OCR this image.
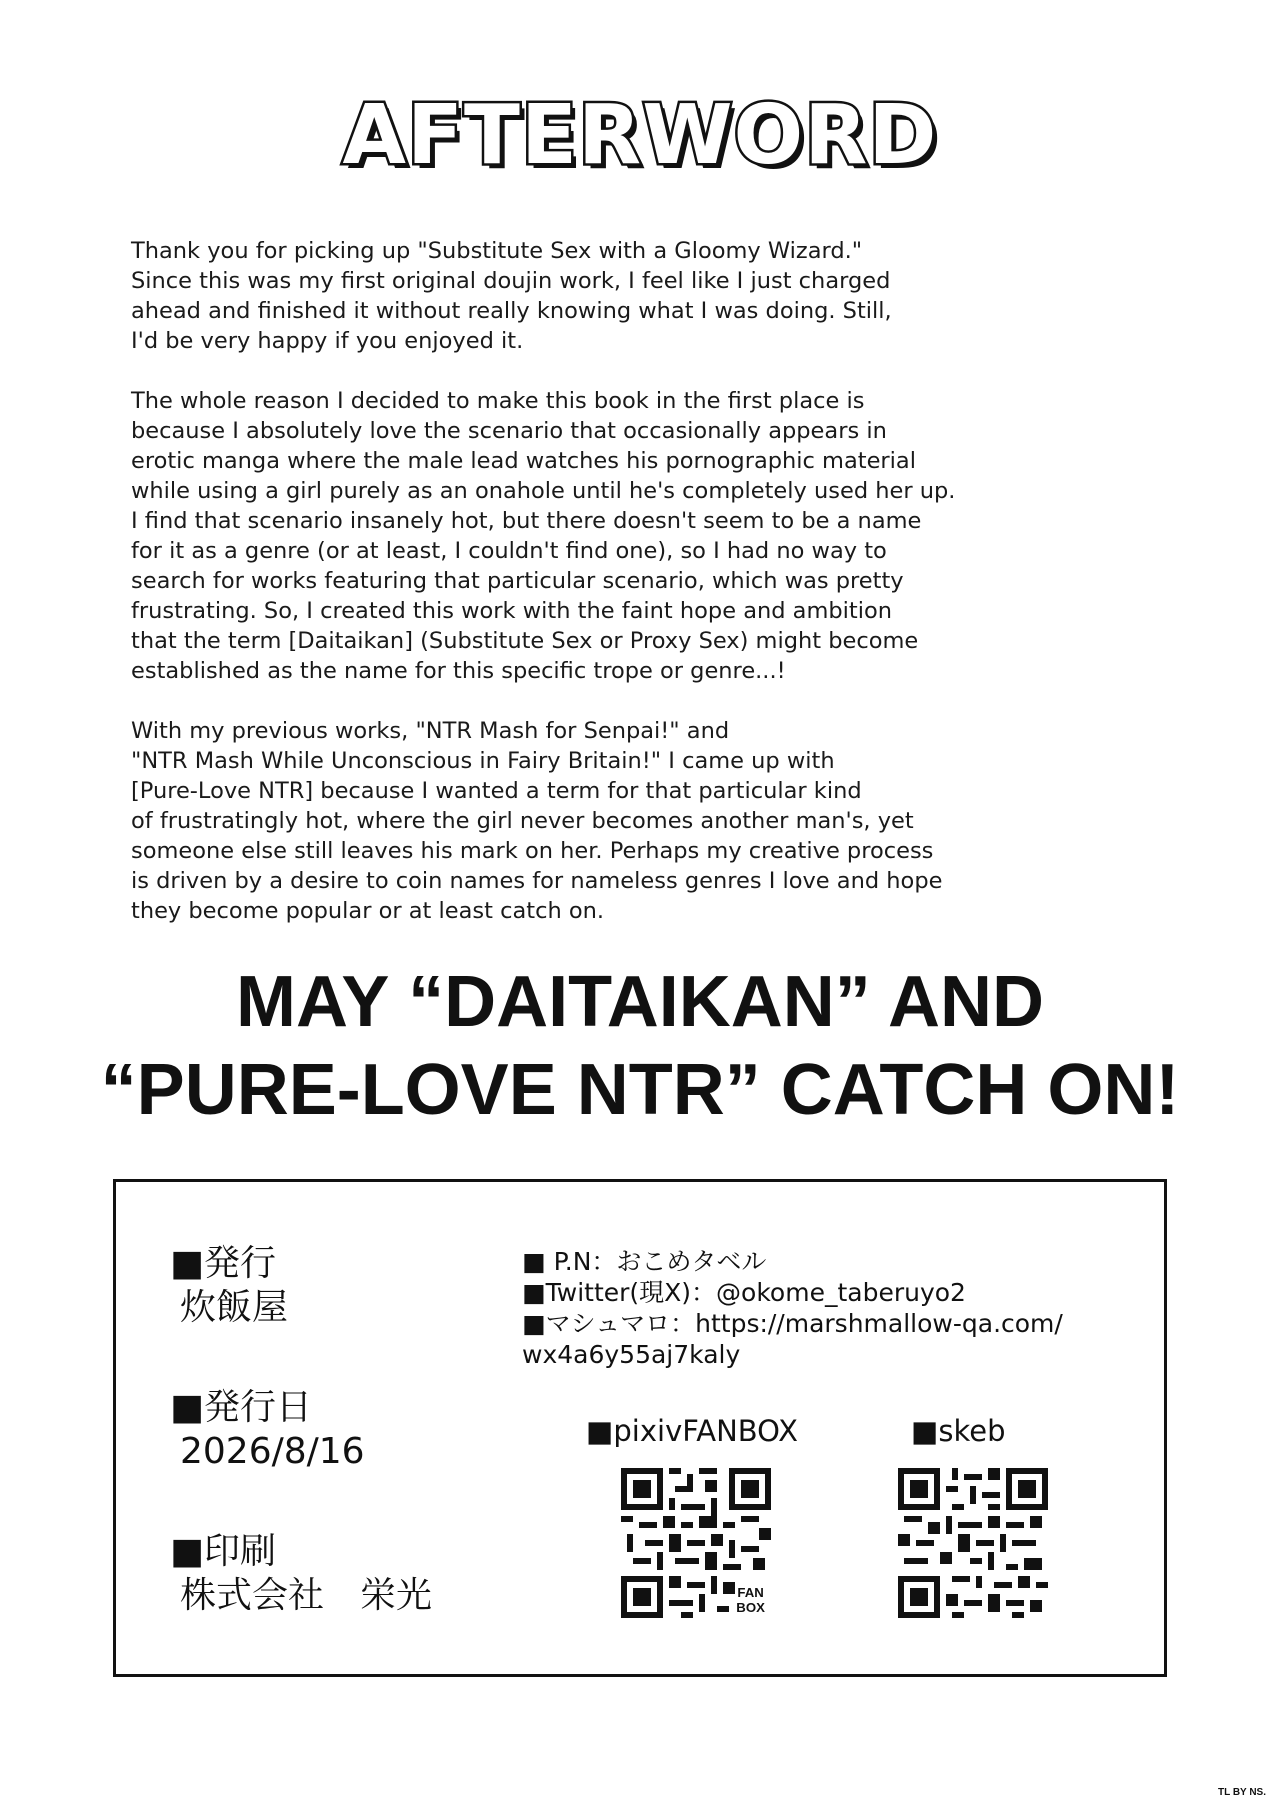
AFTERWORD
Thank you for picking up "Substitute Sex with a Gloomy Wizard."
Since this was my first original doujin work, I feel like I just charged
ahead and finished it without really knowing what I was doing. Still,
I'd be very happy if you enjoyed it.
The whole reason I decided to make this book in the first place is
because I absolutely love the scenario that occasionally appears in
erotic manga where the male lead watches his pornographic material
while using a girl purely as an onahole until he's completely used her up.
I find that scenario insanely hot, but there doesn't seem to be a name
for it as a genre (or at least, I couldn't find one), so I had no way to
search for works featuring that particular scenario, which was pretty
frustrating. So, I created this work with the faint hope and ambition
that the term [Daitaikan] (Substitute Sex or Proxy Sex) might become
established as the name for this specific trope or genre...!
With my previous works, "NTR Mash for Senpai!" and
"NTR Mash While Unconscious in Fairy Britain!" I came up with
[Pure-Love NTR] because I wanted a term for that particular kind
of frustratingly hot, where the girl never becomes another man's, yet
someone else still leaves his mark on her. Perhaps my creative process
is driven by a desire to coin names for nameless genres I love and hope
they become popular or at least catch on.
MAY “DAITAIKAN” AND
“PURE-LOVE NTR” CATCH ON!
■発行
炊飯屋
■発行日
2026/8/16
■印刷
株式会社　栄光
■ P.N：おこめタベル
■Twitter(現X)：@okome_taberuyo2
■マシュマロ：https://marshmallow-qa.com/
wx4a6y55aj7kaly
■pixivFANBOX	■skeb
FAN
BOX
TL BY NS.
